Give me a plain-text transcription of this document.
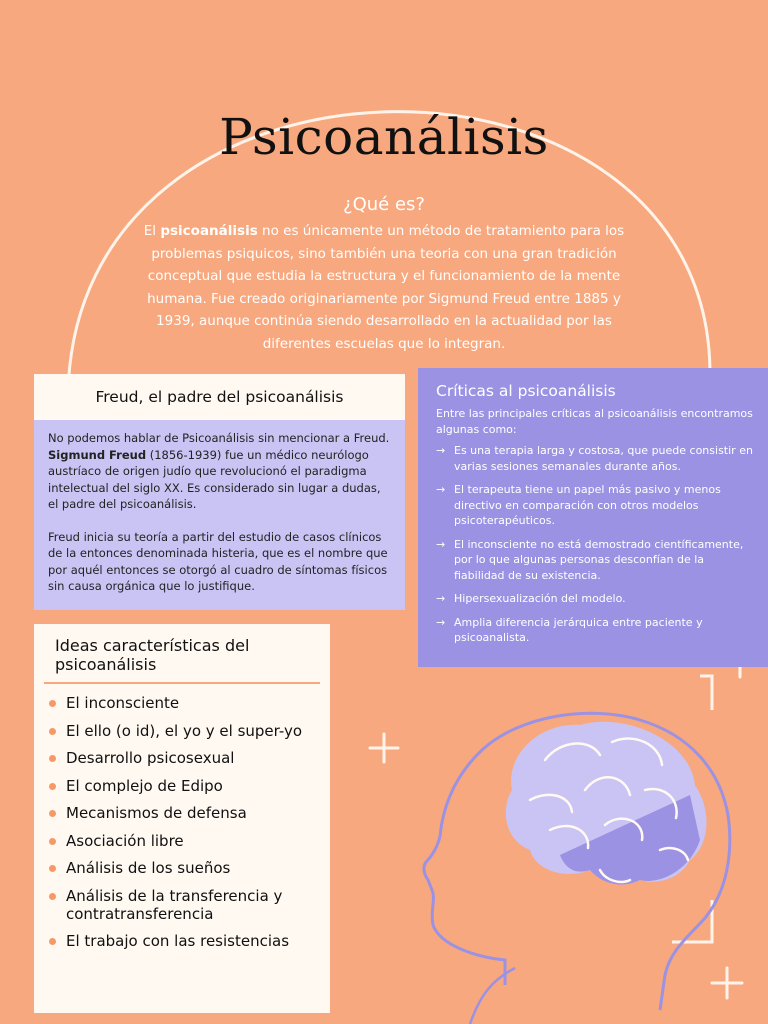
Psicoanálisis
¿Qué es?
El psicoanálisis no es únicamente un método de tratamiento para los problemas psiquicos, sino también una teoria con una gran tradición conceptual que estudia la estructura y el funcionamiento de la mente humana. Fue creado originariamente por Sigmund Freud entre 1885 y 1939, aunque continúa siendo desarrollado en la actualidad por las diferentes escuelas que lo integran.
Freud, el padre del psicoanálisis

No podemos hablar de Psicoanálisis sin mencionar a Freud. Sigmund Freud (1856-1939) fue un médico neurólogo austríaco de origen judío que revolucionó el paradigma intelectual del siglo XX. Es considerado sin lugar a dudas, el padre del psicoanálisis.

Freud inicia su teoría a partir del estudio de casos clínicos de la entonces denominada histeria, que es el nombre que por aquél entonces se otorgó al cuadro de síntomas físicos sin causa orgánica que lo justifique.

Críticas al psicoanálisis
Entre las principales críticas al psicoanálisis encontramos algunas como:
→ Es una terapia larga y costosa, que puede consistir en varias sesiones semanales durante años.
→ El terapeuta tiene un papel más pasivo y menos directivo en comparación con otros modelos psicoterapéuticos.
→ El inconsciente no está demostrado científicamente, por lo que algunas personas desconfían de la fiabilidad de su existencia.
→ Hipersexualización del modelo.
→ Amplia diferencia jerárquica entre paciente y psicoanalista.
Ideas características del psicoanálisis
El inconsciente
El ello (o id), el yo y el super-yo
Desarrollo psicosexual
El complejo de Edipo
Mecanismos de defensa
Asociación libre
Análisis de los sueños
Análisis de la transferencia y contratransferencia
El trabajo con las resistencias
